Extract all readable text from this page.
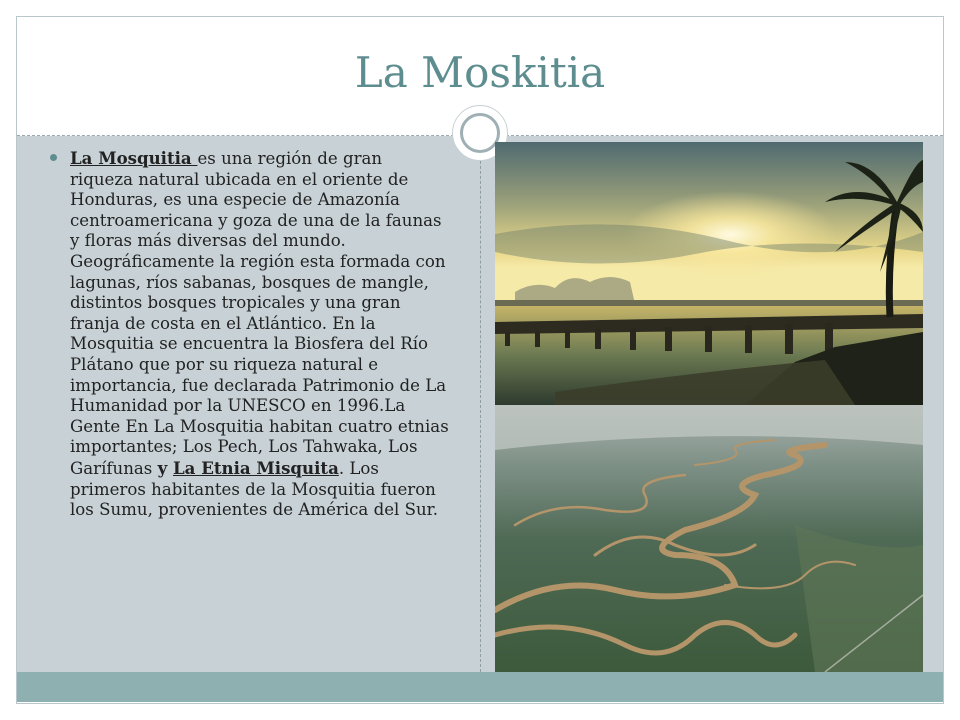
La Moskitia

La Mosquitia es una región de gran riqueza natural ubicada en el oriente de Honduras, es una especie de Amazonía centroamericana y goza de una de la faunas y floras más diversas del mundo. Geográficamente la región esta formada con lagunas, ríos sabanas, bosques de mangle, distintos bosques tropicales y una gran franja de costa en el Atlántico. En la Mosquitia se encuentra la Biosfera del Río Plátano que por su riqueza natural e importancia, fue declarada Patrimonio de La Humanidad por la UNESCO en 1996.La Gente En La Mosquitia habitan cuatro etnias importantes; Los Pech, Los Tahwaka, Los Garífunas y La Etnia Misquita. Los primeros habitantes de la Mosquitia fueron los Sumu, provenientes de América del Sur.
